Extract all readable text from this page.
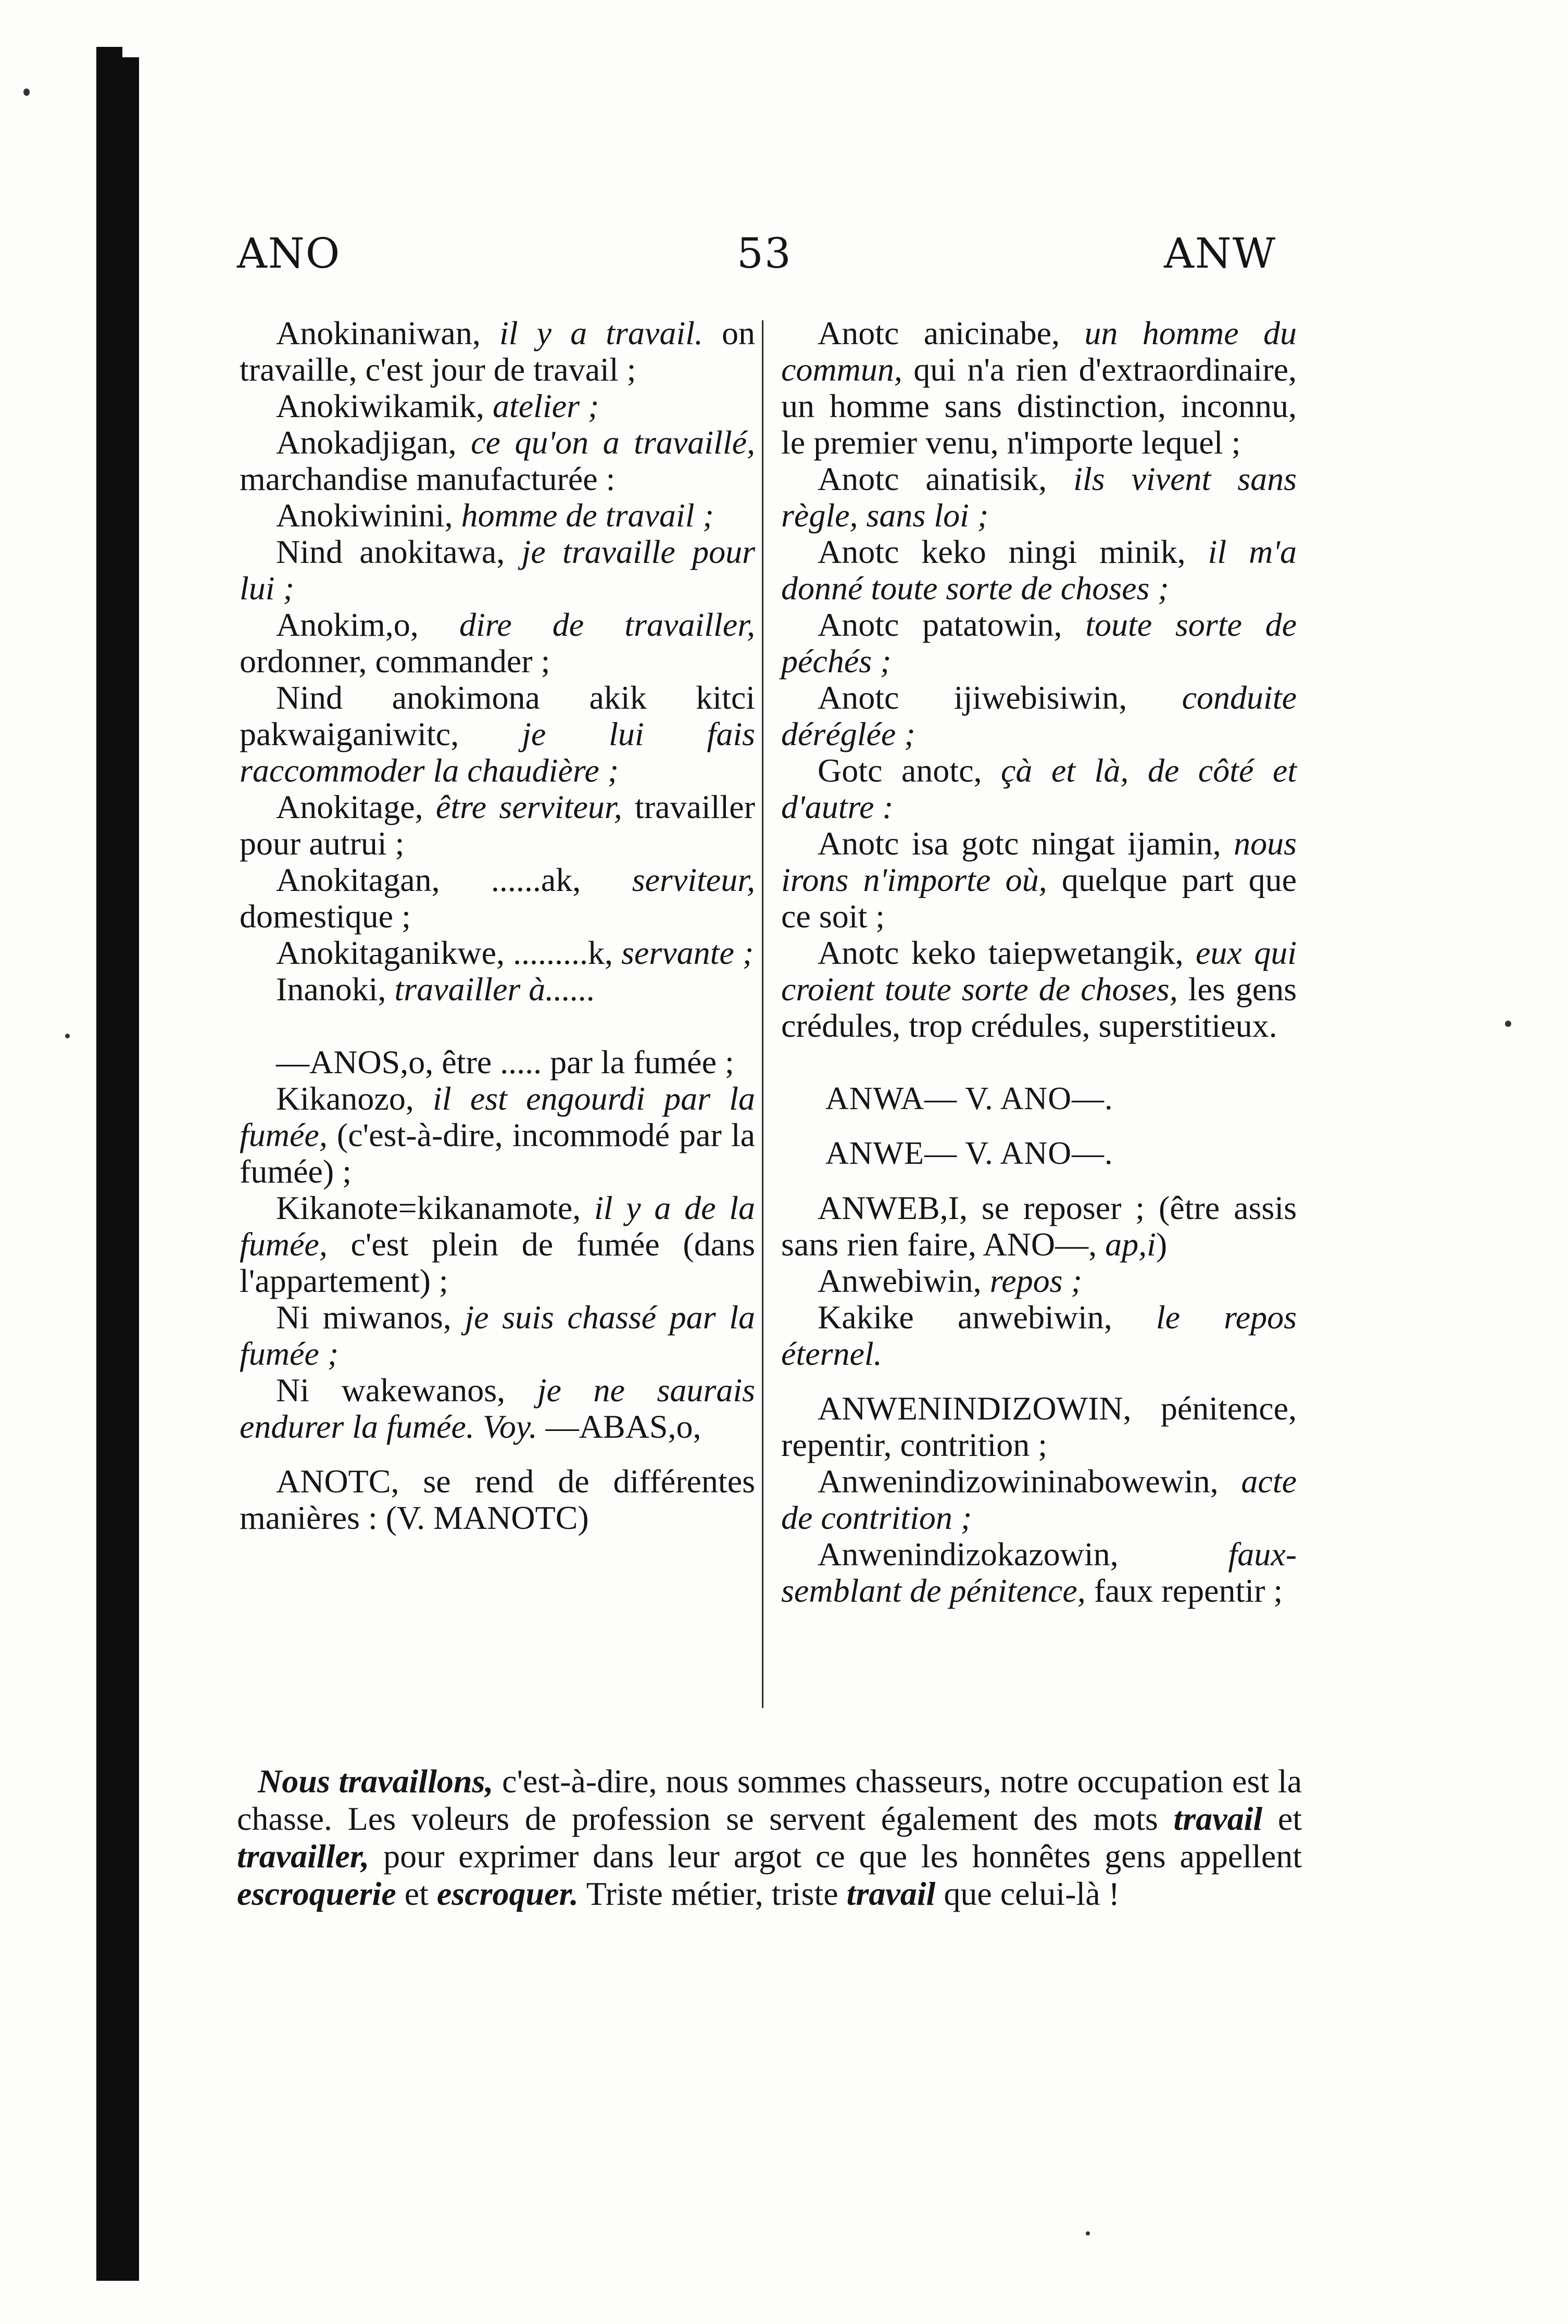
ANO	53	ANW

Anokinaniwan, il y a travail. on travaille, c'est jour de travail ;

Anokiwikamik, atelier ;

Anokadjigan, ce qu'on a travaillé, marchandise manufacturée :

Anokiwinini, homme de travail ;

Nind anokitawa, je travaille pour lui ;

Anokim,o, dire de travailler, ordonner, commander ;

Nind anokimona akik kitci pakwaiganiwitc, je lui fais raccommoder la chaudière ;

Anokitage, être serviteur, travailler pour autrui ;

Anokitagan, ......ak, serviteur, domestique ;

Anokitaganikwe, .........k, servante ;

Inanoki, travailler à......

—ANOS,o, être ..... par la fumée ;

Kikanozo, il est engourdi par la fumée, (c'est-à-dire, incommodé par la fumée) ;

Kikanote=kikanamote, il y a de la fumée, c'est plein de fumée (dans l'appartement) ;

Ni miwanos, je suis chassé par la fumée ;

Ni wakewanos, je ne saurais endurer la fumée. Voy. —ABAS,o,

ANOTC, se rend de différentes manières : (V. MANOTC)

Anotc anicinabe, un homme du commun, qui n'a rien d'extraordinaire, un homme sans distinction, inconnu, le premier venu, n'importe lequel ;

Anotc ainatisik, ils vivent sans règle, sans loi ;

Anotc keko ningi minik, il m'a donné toute sorte de choses ;

Anotc patatowin, toute sorte de péchés ;

Anotc ijiwebisiwin, conduite déréglée ;

Gotc anotc, çà et là, de côté et d'autre :

Anotc isa gotc ningat ijamin, nous irons n'importe où, quelque part que ce soit ;

Anotc keko taiepwetangik, eux qui croient toute sorte de choses, les gens crédules, trop crédules, superstitieux.

ANWA— V. ANO—.

ANWE— V. ANO—.

ANWEB,I, se reposer ; (être assis sans rien faire, ANO—, ap,i)

Anwebiwin, repos ;

Kakike anwebiwin, le repos éternel.

ANWENINDIZOWIN, pénitence, repentir, contrition ;

Anwenindizowininabowewin, acte de contrition ;

Anwenindizokazowin, faux-semblant de pénitence, faux repentir ;

Nous travaillons, c'est-à-dire, nous sommes chasseurs, notre occupation est la chasse. Les voleurs de profession se servent également des mots travail et travailler, pour exprimer dans leur argot ce que les honnêtes gens appellent escroquerie et escroquer. Triste métier, triste travail que celui-là !
